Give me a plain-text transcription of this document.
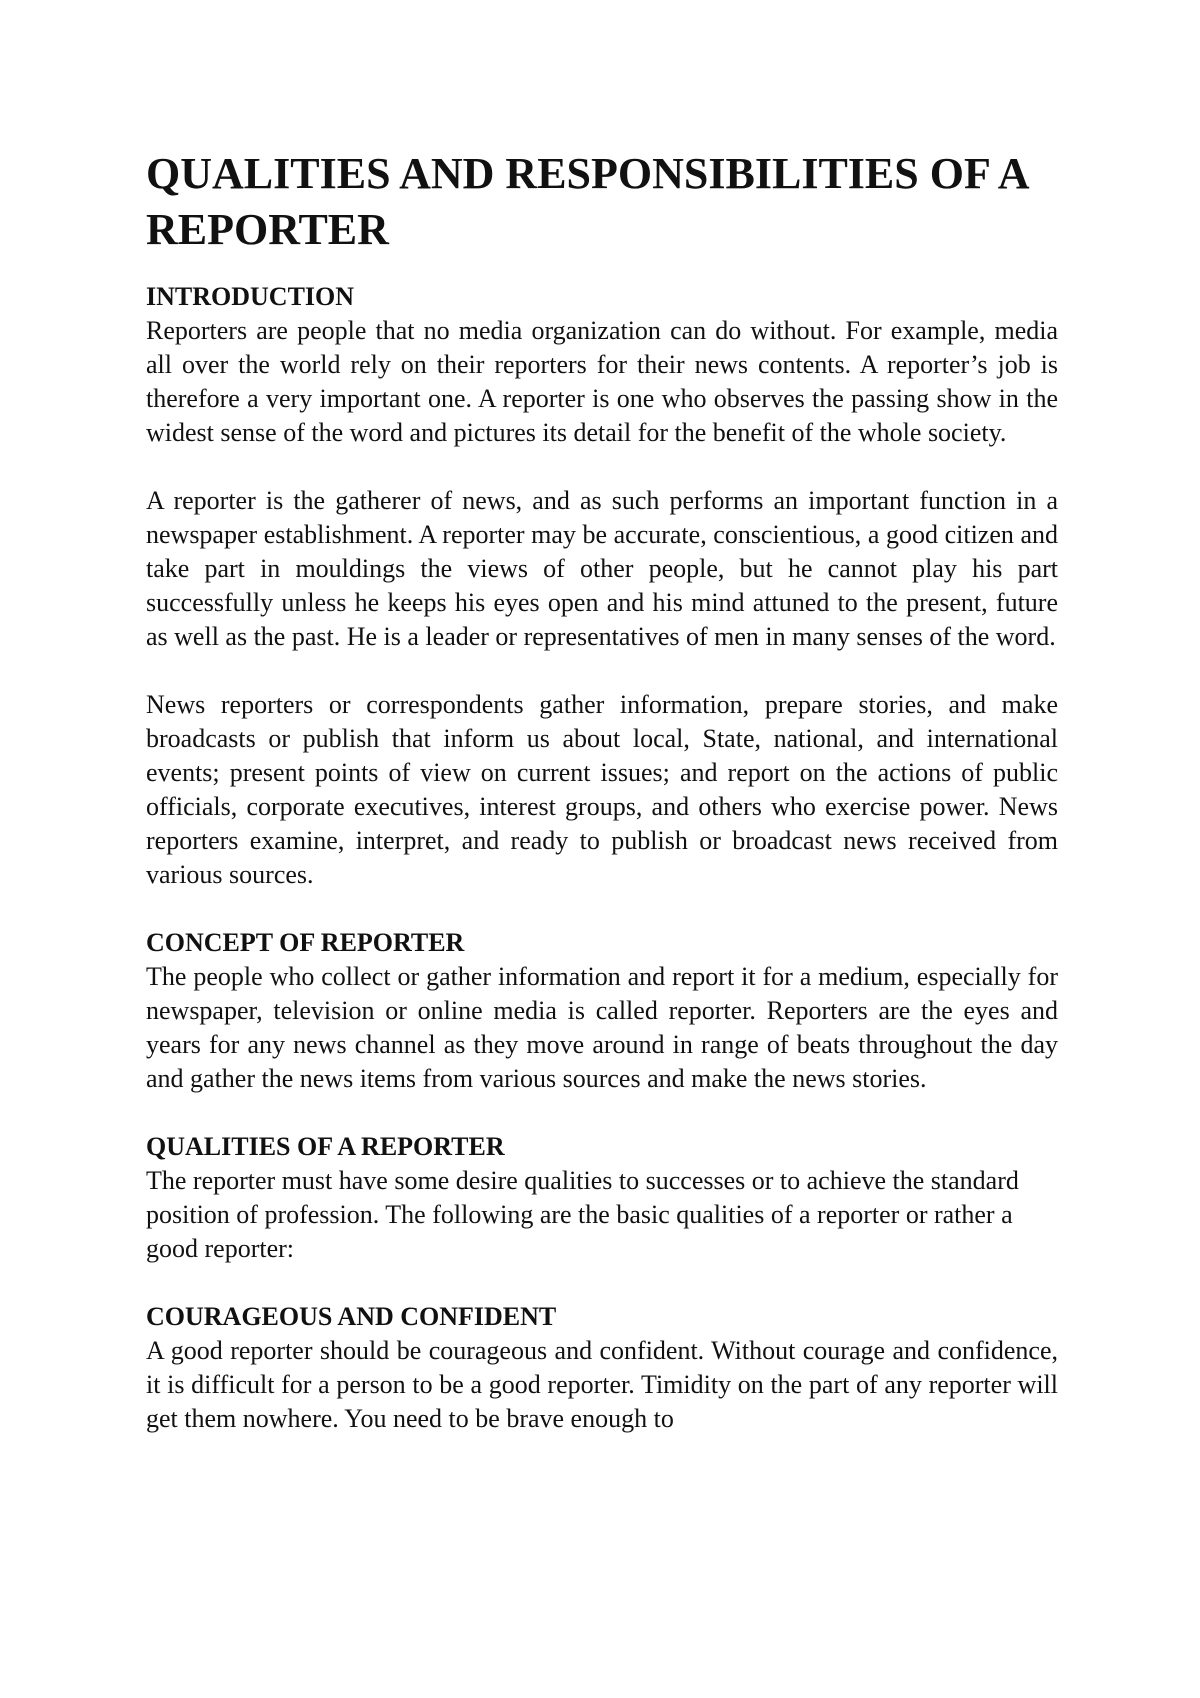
QUALITIES AND RESPONSIBILITIES OF A REPORTER
INTRODUCTION

Reporters are people that no media organization can do without. For example, media all over the world rely on their reporters for their news contents. A reporter’s job is therefore a very important one. A reporter is one who observes the passing show in the widest sense of the word and pictures its detail for the benefit of the whole society.

A reporter is the gatherer of news, and as such performs an important function in a newspaper establishment. A reporter may be accurate, conscientious, a good citizen and take part in mouldings the views of other people, but he cannot play his part successfully unless he keeps his eyes open and his mind attuned to the present, future as well as the past. He is a leader or representatives of men in many senses of the word.

News reporters or correspondents gather information, prepare stories, and make broadcasts or publish that inform us about local, State, national, and international events; present points of view on current issues; and report on the actions of public officials, corporate executives, interest groups, and others who exercise power. News reporters examine, interpret, and ready to publish or broadcast news received from various sources.

CONCEPT OF REPORTER

The people who collect or gather information and report it for a medium, especially for newspaper, television or online media is called reporter. Reporters are the eyes and years for any news channel as they move around in range of beats throughout the day and gather the news items from various sources and make the news stories.

QUALITIES OF A REPORTER

The reporter must have some desire qualities to successes or to achieve the standard position of profession. The following are the basic qualities of a reporter or rather a good reporter:

COURAGEOUS AND CONFIDENT

A good reporter should be courageous and confident. Without courage and confidence, it is difficult for a person to be a good reporter. Timidity on the part of any reporter will get them nowhere. You need to be brave enough to
